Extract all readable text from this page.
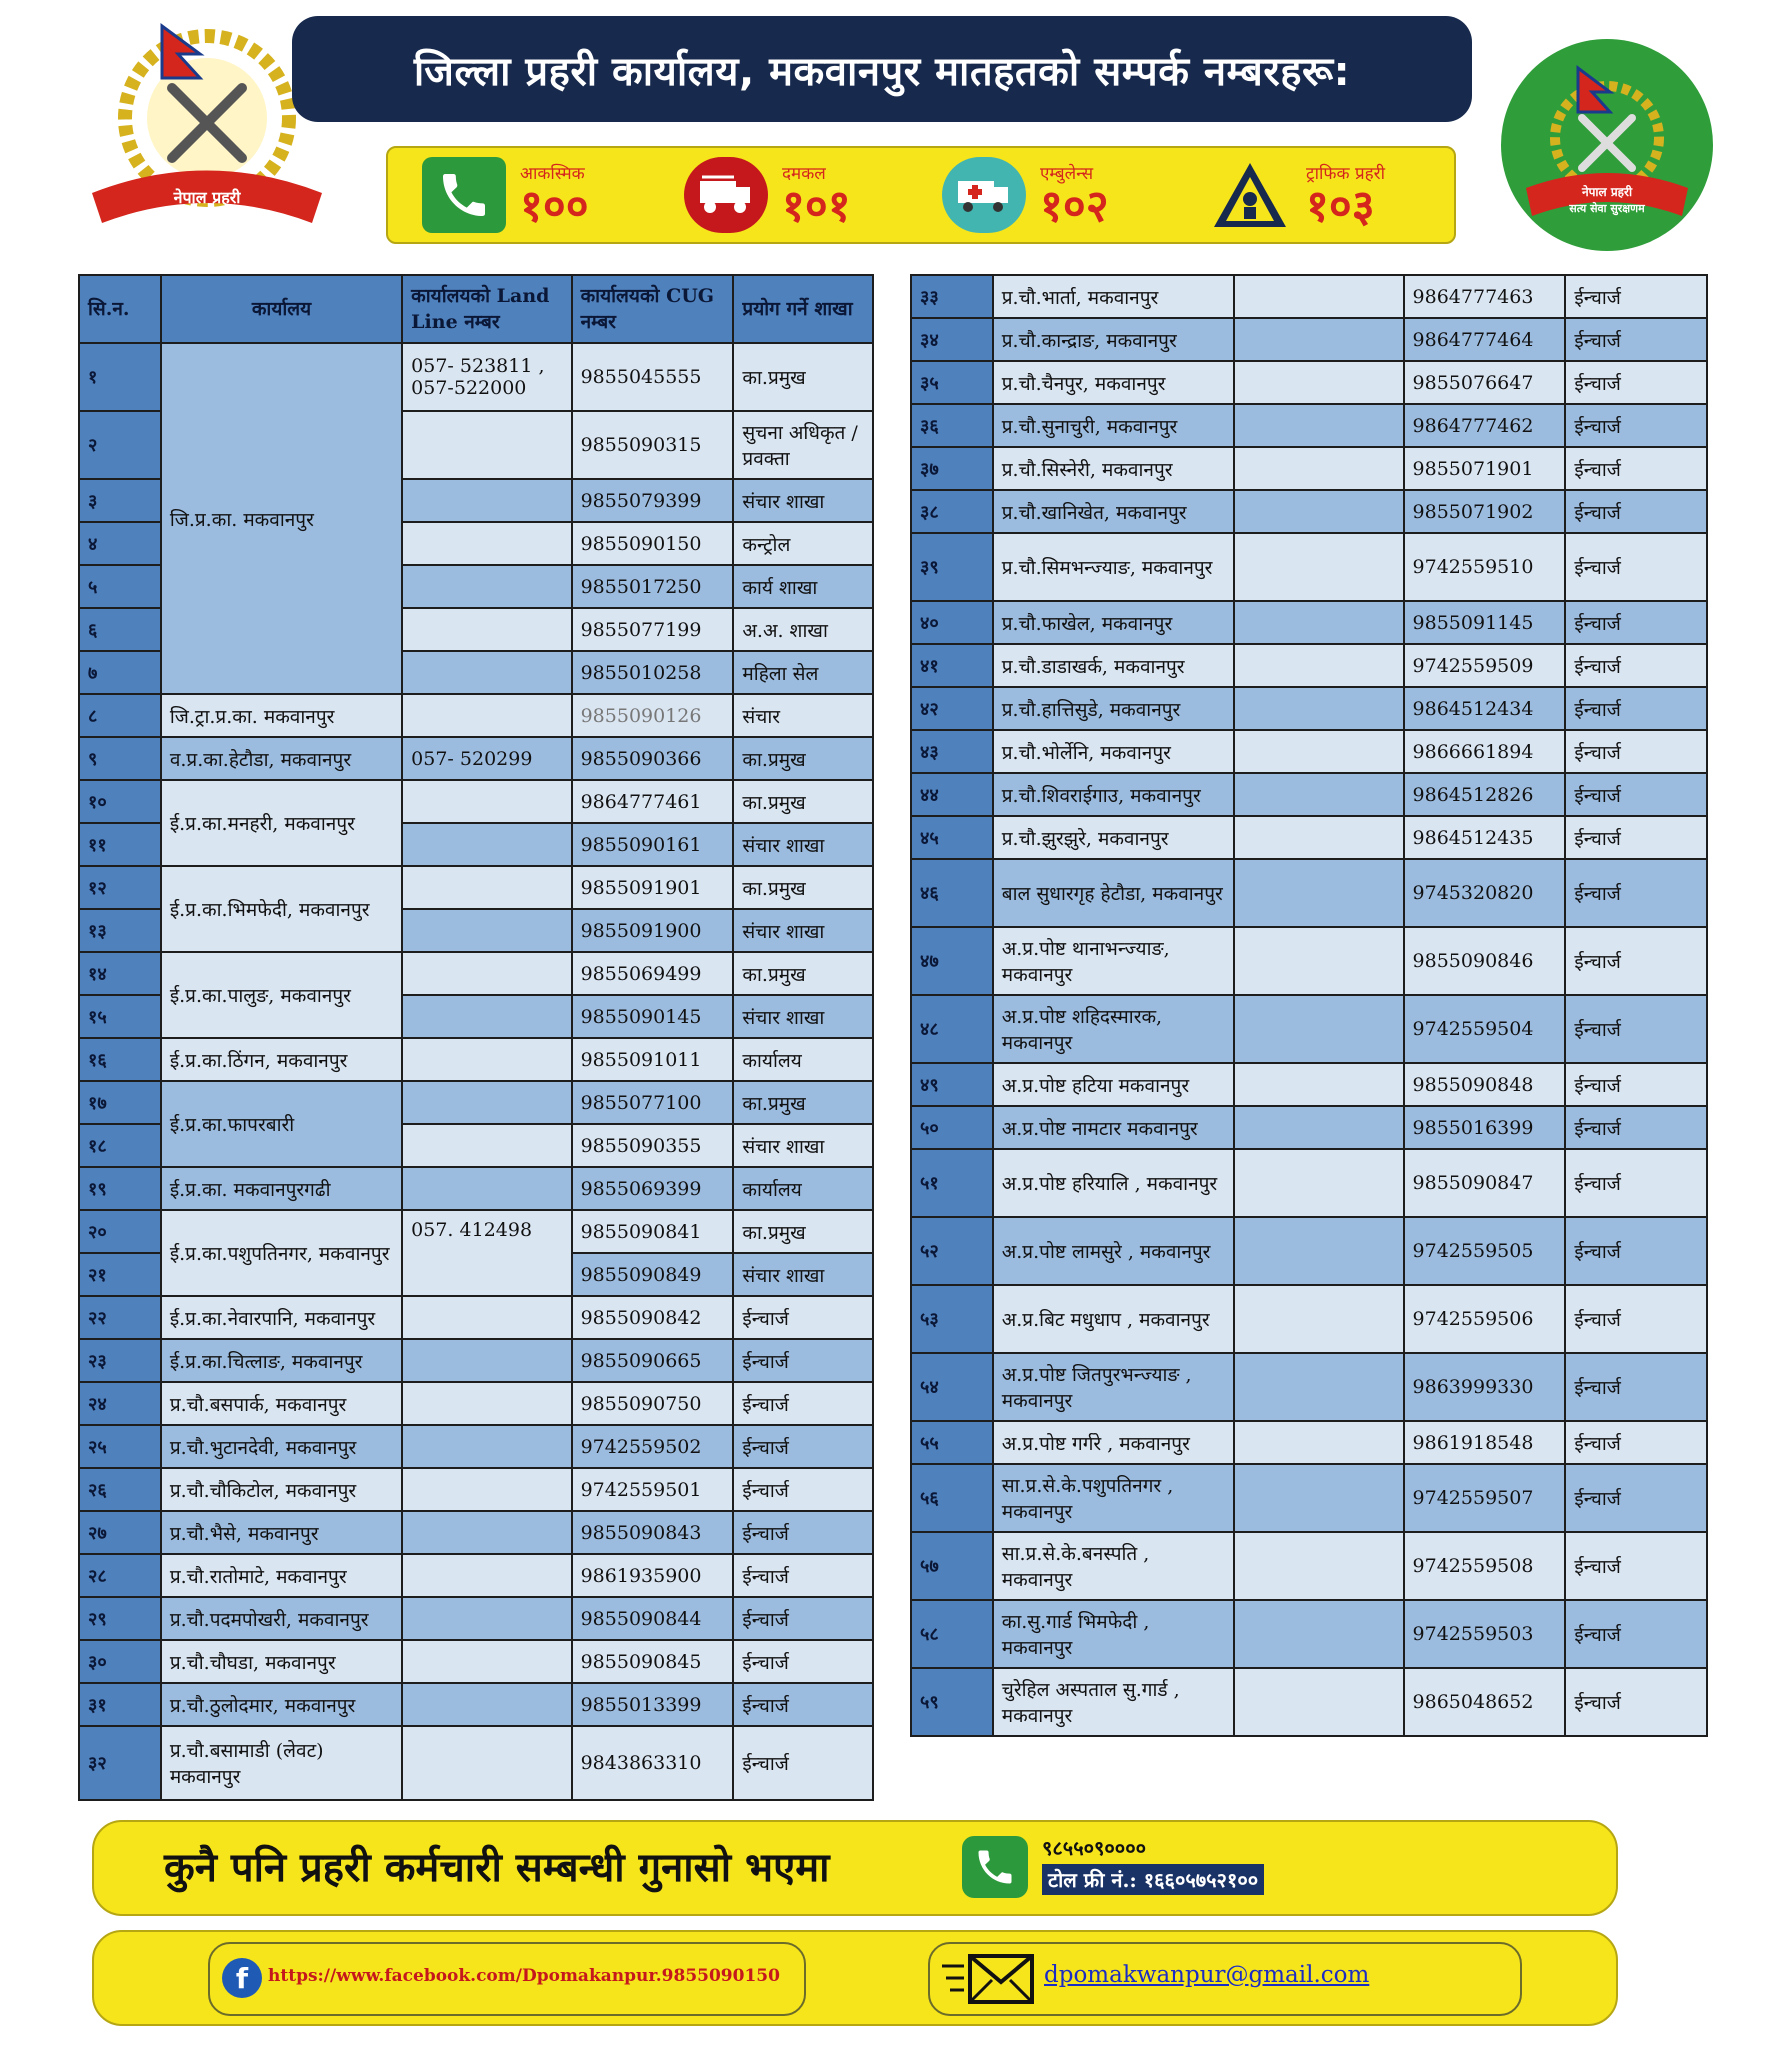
नेपाल प्रहरी
सत्य सेवा सुरक्षणम
नेपाल प्रहरी
सत्य सेवा सुरक्षणम
जिल्ला प्रहरी कार्यालय, मकवानपुर मातहतको सम्पर्क नम्बरहरू:
आकस्मिक
१००
दमकल
१०१
एम्बुलेन्स
१०२
ट्राफिक प्रहरी
१०३
सि.न.	कार्यालय	कार्यालयको Land Line नम्बर	कार्यालयको CUG नम्बर	प्रयोग गर्ने शाखा
१	जि.प्र.का. मकवानपुर	057- 523811 , 057-522000	9855045555	का.प्रमुख
२			9855090315	सुचना अधिकृत /प्रवक्ता
३			9855079399	संचार शाखा
४			9855090150	कन्ट्रोल
५			9855017250	कार्य शाखा
६			9855077199	अ.अ. शाखा
७			9855010258	महिला सेल
८	जि.ट्रा.प्र.का. मकवानपुर		9855090126	संचार
९	व.प्र.का.हेटौडा, मकवानपुर	057- 520299	9855090366	का.प्रमुख
१०	ई.प्र.का.मनहरी, मकवानपुर		9864777461	का.प्रमुख
११			9855090161	संचार शाखा
१२	ई.प्र.का.भिमफेदी, मकवानपुर		9855091901	का.प्रमुख
१३			9855091900	संचार शाखा
१४	ई.प्र.का.पालुङ, मकवानपुर		9855069499	का.प्रमुख
१५			9855090145	संचार शाखा
१६	ई.प्र.का.ठिंगन, मकवानपुर		9855091011	कार्यालय
१७	ई.प्र.का.फापरबारी		9855077100	का.प्रमुख
१८			9855090355	संचार शाखा
१९	ई.प्र.का. मकवानपुरगढी		9855069399	कार्यालय
२०	ई.प्र.का.पशुपतिनगर, मकवानपुर	057. 412498	9855090841	का.प्रमुख
२१			9855090849	संचार शाखा
२२	ई.प्र.का.नेवारपानि, मकवानपुर		9855090842	ईन्चार्ज
२३	ई.प्र.का.चित्लाङ, मकवानपुर		9855090665	ईन्चार्ज
२४	प्र.चौ.बसपार्क, मकवानपुर		9855090750	ईन्चार्ज
२५	प्र.चौ.भुटानदेवी, मकवानपुर		9742559502	ईन्चार्ज
२६	प्र.चौ.चौकिटोल, मकवानपुर		9742559501	ईन्चार्ज
२७	प्र.चौ.भैसे, मकवानपुर		9855090843	ईन्चार्ज
२८	प्र.चौ.रातोमाटे, मकवानपुर		9861935900	ईन्चार्ज
२९	प्र.चौ.पदमपोखरी, मकवानपुर		9855090844	ईन्चार्ज
३०	प्र.चौ.चौघडा, मकवानपुर		9855090845	ईन्चार्ज
३१	प्र.चौ.ठुलोदमार, मकवानपुर		9855013399	ईन्चार्ज
३२	प्र.चौ.बसामाडी (लेवट) मकवानपुर		9843863310	ईन्चार्ज
३३	प्र.चौ.भार्ता, मकवानपुर		9864777463	ईन्चार्ज
३४	प्र.चौ.कान्द्राङ, मकवानपुर		9864777464	ईन्चार्ज
३५	प्र.चौ.चैनपुर, मकवानपुर		9855076647	ईन्चार्ज
३६	प्र.चौ.सुनाचुरी, मकवानपुर		9864777462	ईन्चार्ज
३७	प्र.चौ.सिस्नेरी, मकवानपुर		9855071901	ईन्चार्ज
३८	प्र.चौ.खानिखेत, मकवानपुर		9855071902	ईन्चार्ज
३९	प्र.चौ.सिमभन्ज्याङ, मकवानपुर		9742559510	ईन्चार्ज
४०	प्र.चौ.फाखेल, मकवानपुर		9855091145	ईन्चार्ज
४१	प्र.चौ.डाडाखर्क, मकवानपुर		9742559509	ईन्चार्ज
४२	प्र.चौ.हात्तिसुडे, मकवानपुर		9864512434	ईन्चार्ज
४३	प्र.चौ.भोर्लेनि, मकवानपुर		9866661894	ईन्चार्ज
४४	प्र.चौ.शिवराईगाउ, मकवानपुर		9864512826	ईन्चार्ज
४५	प्र.चौ.झुरझुरे, मकवानपुर		9864512435	ईन्चार्ज
४६	बाल सुधारगृह हेटौडा, मकवानपुर		9745320820	ईन्चार्ज
४७	अ.प्र.पोष्ट थानाभन्ज्याङ, मकवानपुर		9855090846	ईन्चार्ज
४८	अ.प्र.पोष्ट शहिदस्मारक, मकवानपुर		9742559504	ईन्चार्ज
४९	अ.प्र.पोष्ट हटिया मकवानपुर		9855090848	ईन्चार्ज
५०	अ.प्र.पोष्ट नामटार मकवानपुर		9855016399	ईन्चार्ज
५१	अ.प्र.पोष्ट हरियालि , मकवानपुर		9855090847	ईन्चार्ज
५२	अ.प्र.पोष्ट लामसुरे , मकवानपुर		9742559505	ईन्चार्ज
५३	अ.प्र.बिट मधुधाप , मकवानपुर		9742559506	ईन्चार्ज
५४	अ.प्र.पोष्ट जितपुरभन्ज्याङ , मकवानपुर		9863999330	ईन्चार्ज
५५	अ.प्र.पोष्ट गर्गरे , मकवानपुर		9861918548	ईन्चार्ज
५६	सा.प्र.से.के.पशुपतिनगर , मकवानपुर		9742559507	ईन्चार्ज
५७	सा.प्र.से.के.बनस्पति , मकवानपुर		9742559508	ईन्चार्ज
५८	का.सु.गार्ड भिमफेदी , मकवानपुर		9742559503	ईन्चार्ज
५९	चुरेहिल अस्पताल सु.गार्ड , मकवानपुर		9865048652	ईन्चार्ज
कुनै पनि प्रहरी कर्मचारी सम्बन्धी गुनासो भएमा	९८५५०९००००
टोल फ्री नं.: १६६०५७५२१००
f	https://www.facebook.com/Dpomakanpur.9855090150	dpomakwanpur@gmail.com
